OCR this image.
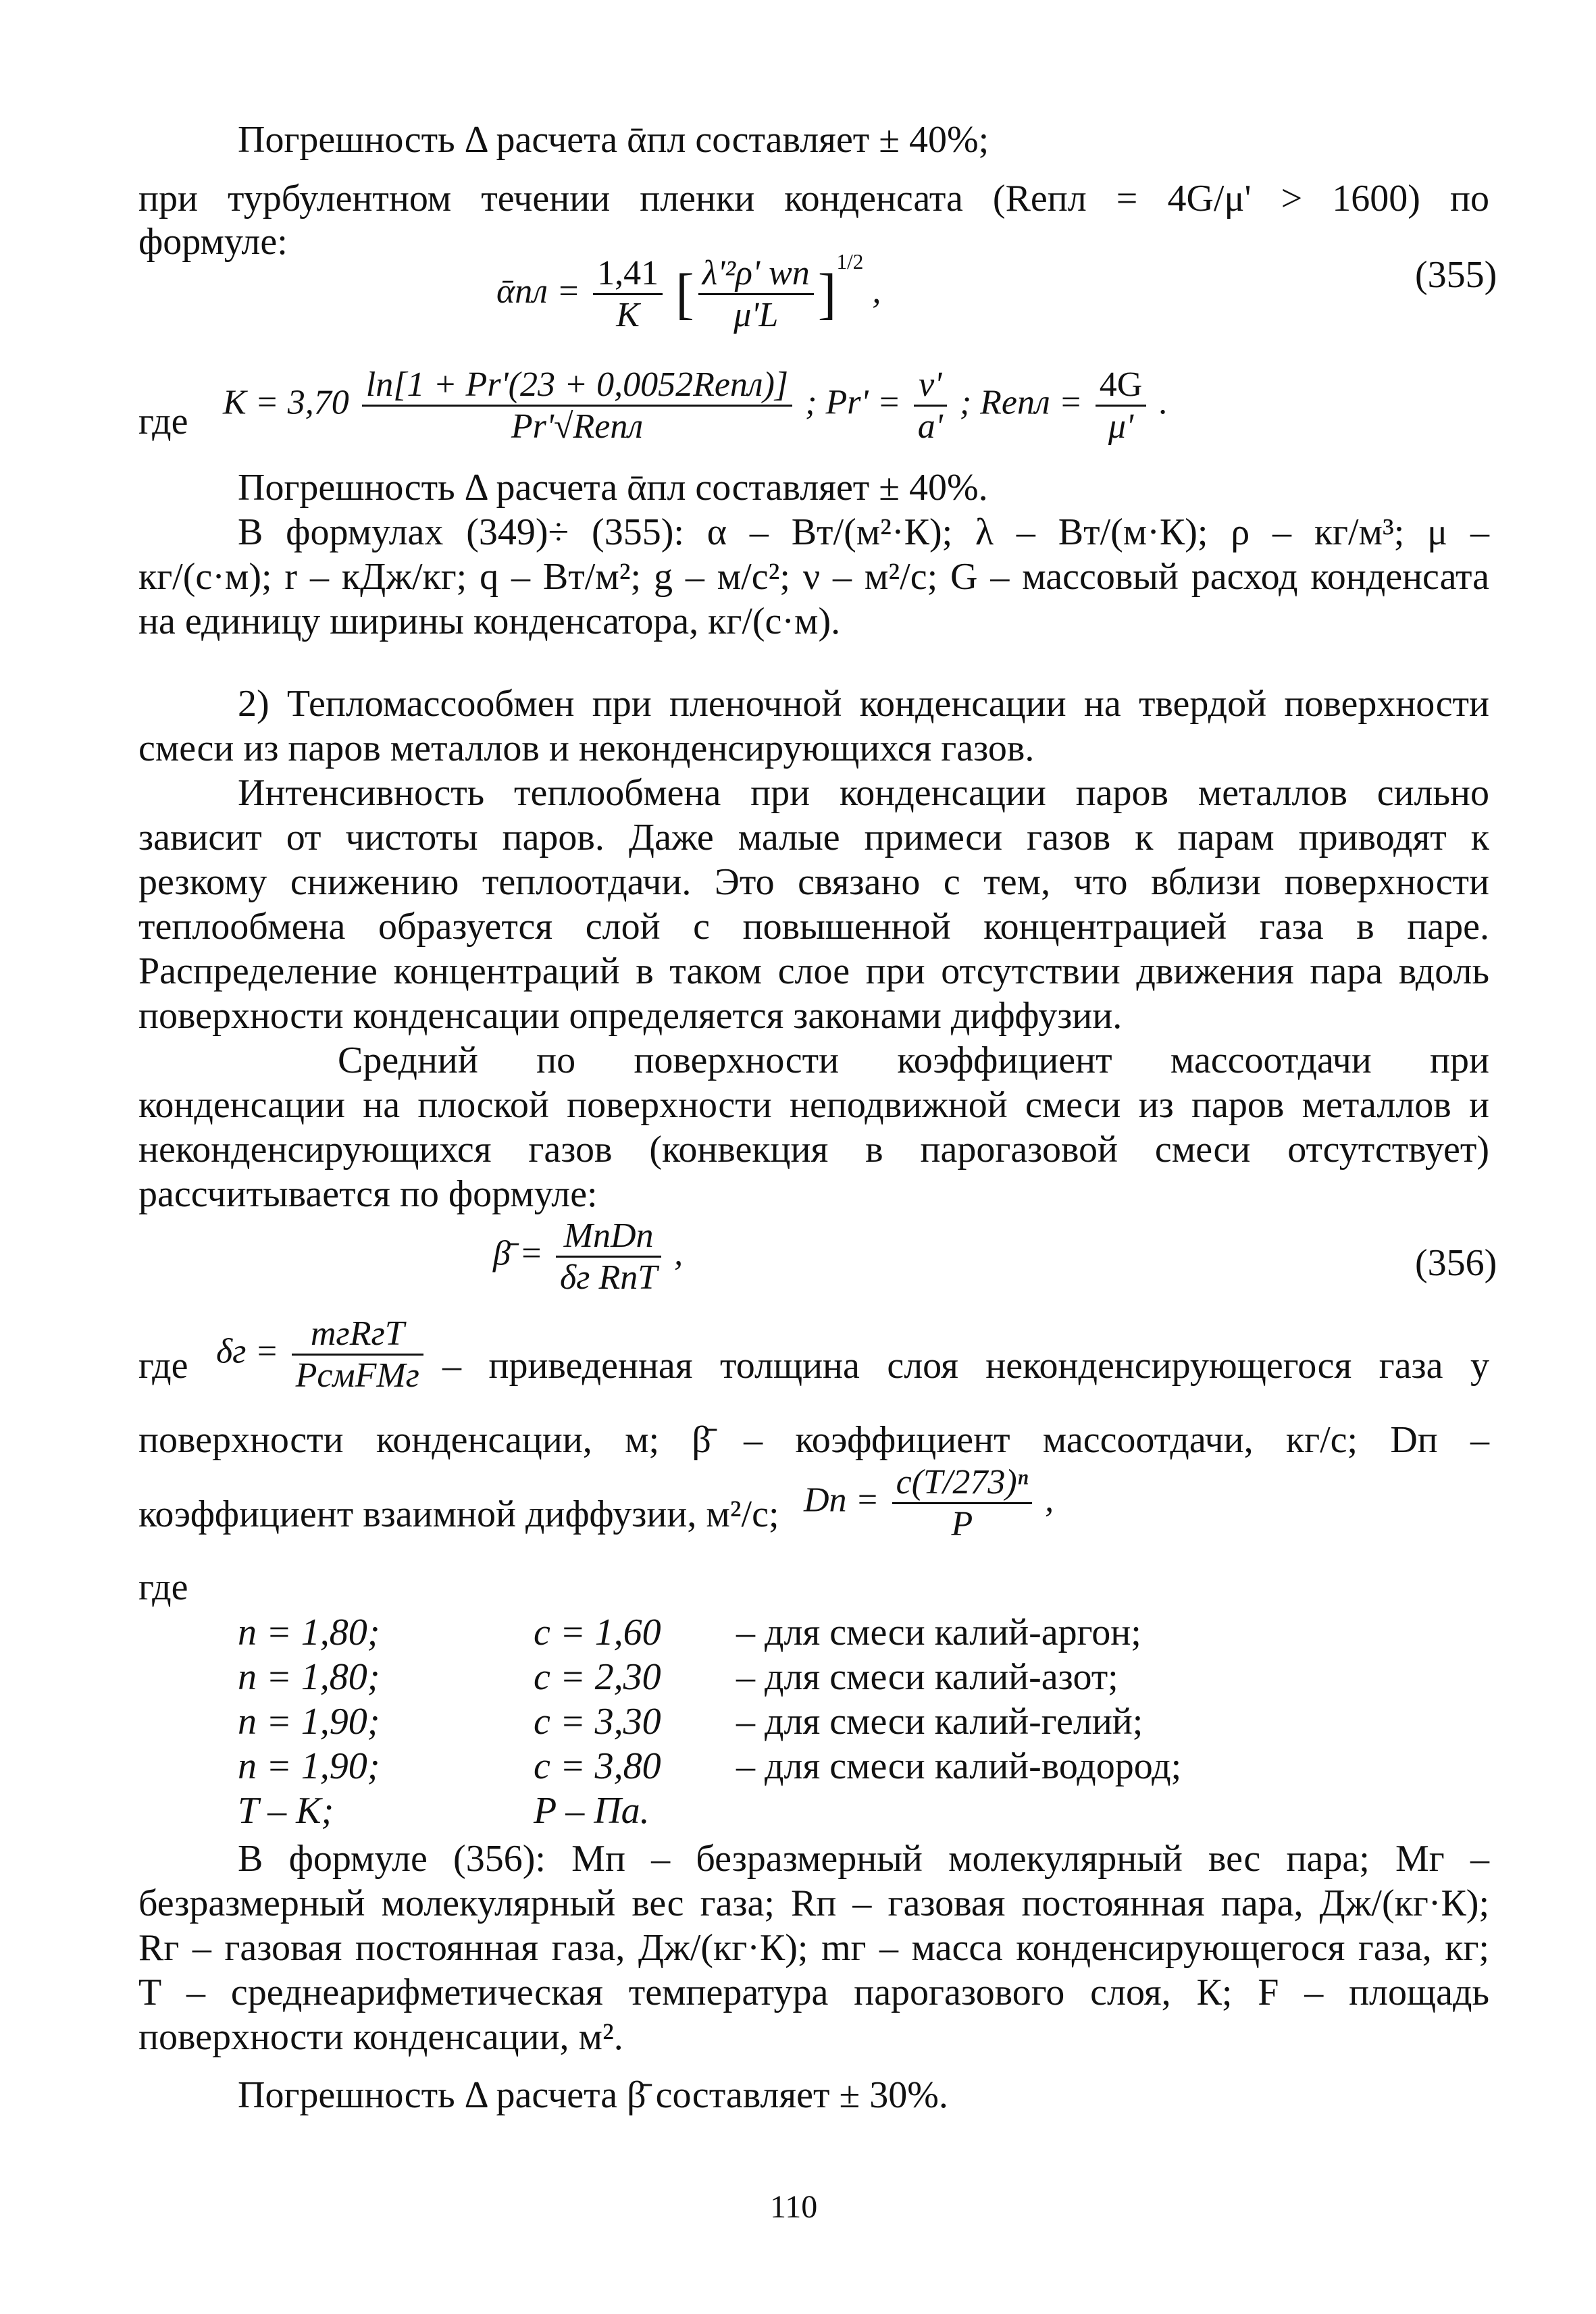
Погрешность Δ расчета ᾱпл составляет ± 40%;
при турбулентном течении пленки конденсата (Reпл = 4G/μ' > 1600) по
формуле:
ᾱпл = $\frac{1,41}{K}$ [ $\frac{\text{λ'²ρ' wп}}{\mu'L} ]^{1/2}$ ,	(355)
где $K = 3,70 \frac{\text{ln[1 + Pr'(23 + 0,0052Reпл)]}}{\text{Pr'√Reпл}}$ ; $Pr' = \frac{\nu'}{a'}$ ; Reпл = $\frac{4G}{\mu'}$ .
Погрешность Δ расчета ᾱпл составляет ± 40%.
В формулах (349)÷ (355): α – Вт/(м²·К); λ – Вт/(м·К); ρ – кг/м³; μ –
кг/(с·м); r – кДж/кг; q – Вт/м²; g – м/с²; ν – м²/с; G – массовый расход конденсата
на единицу ширины конденсатора, кг/(с·м).
2) Тепломассообмен при пленочной конденсации на твердой поверхности
смеси из паров металлов и неконденсирующихся газов.
Интенсивность теплообмена при конденсации паров металлов сильно
зависит от чистоты паров. Даже малые примеси газов к парам приводят к
резкому снижению теплоотдачи. Это связано с тем, что вблизи поверхности
теплообмена образуется слой с повышенной концентрацией газа в паре.
Распределение концентраций в таком слое при отсутствии движения пара вдоль
поверхности конденсации определяется законами диффузии.
Средний по поверхности коэффициент массоотдачи при
конденсации на плоской поверхности неподвижной смеси из паров металлов и
неконденсирующихся газов (конвекция в парогазовой смеси отсутствует)
рассчитывается по формуле:
β̄ = $\frac{\text{MпDп}}{\text{δг RпT}}$ ,	(356)
где $\delta г = \frac{\text{mгRгT}}{\text{PсмFMг}}$ – приведенная толщина слоя неконденсирующегося газа у
поверхности конденсации, м; β̄ – коэффициент массоотдачи, кг/с; Dп –
коэффициент взаимной диффузии, м²/с; Dп = $\frac{\text{c(T/273)ⁿ}}{P}$ ,
где
n = 1,80;	c = 1,60 – для смеси калий-аргон;
n = 1,80;	c = 2,30 – для смеси калий-азот;
n = 1,90;	c = 3,30 – для смеси калий-гелий;
n = 1,90;	c = 3,80 – для смеси калий-водород;
T – K;	P – Па.
В формуле (356): Mп – безразмерный молекулярный вес пара; Mг –
безразмерный молекулярный вес газа; Rп – газовая постоянная пара, Дж/(кг·К);
Rг – газовая постоянная газа, Дж/(кг·К); mг – масса конденсирующегося газа, кг;
T – среднеарифметическая температура парогазового слоя, К; F – площадь
поверхности конденсации, м².
Погрешность Δ расчета β̄ составляет ± 30%.
110
